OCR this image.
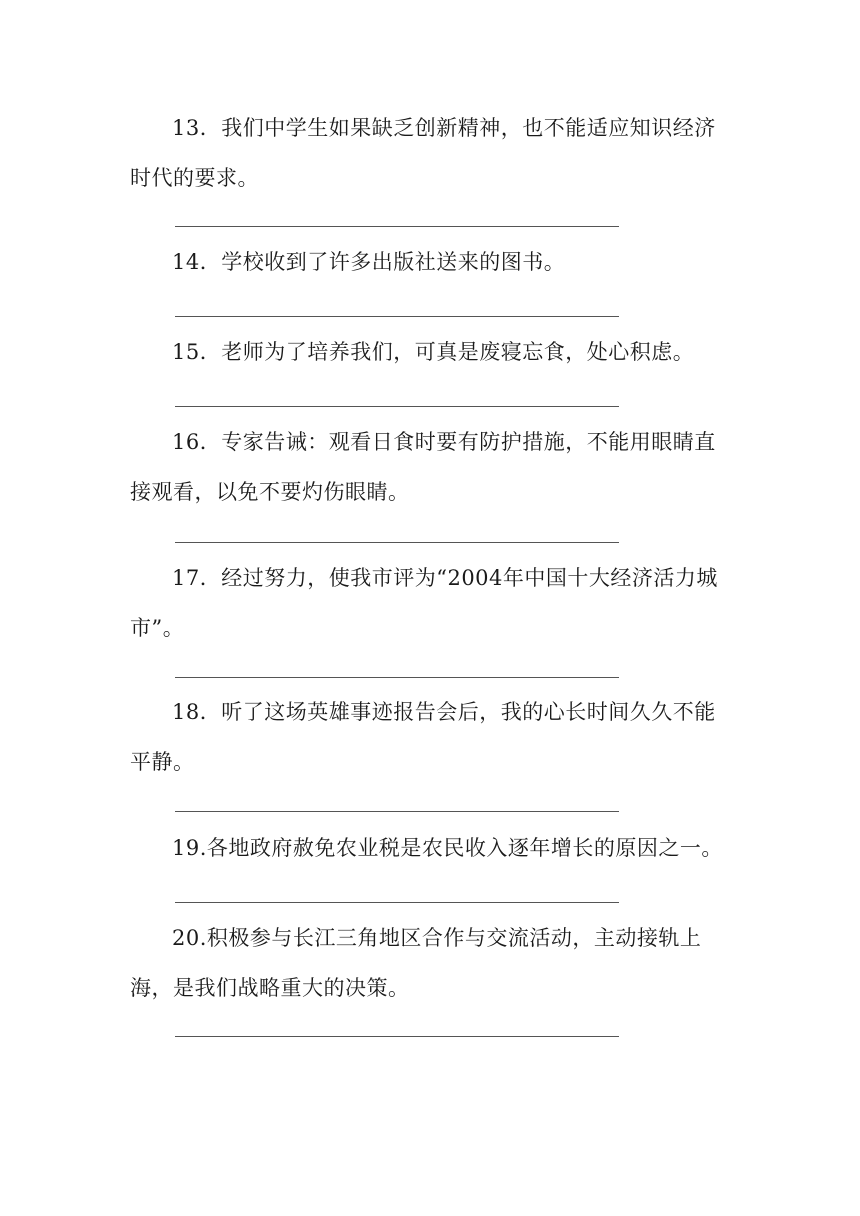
13．我们中学生如果缺乏创新精神，也不能适应知识经济时代的要求。

14．学校收到了许多出版社送来的图书。

15．老师为了培养我们，可真是废寝忘食，处心积虑。

16．专家告诫：观看日食时要有防护措施，不能用眼睛直接观看，以免不要灼伤眼睛。

17．经过努力，使我市评为“2004年中国十大经济活力城市”。

18．听了这场英雄事迹报告会后，我的心长时间久久不能平静。

19.各地政府赦免农业税是农民收入逐年增长的原因之一。

20.积极参与长江三角地区合作与交流活动，主动接轨上海，是我们战略重大的决策。
